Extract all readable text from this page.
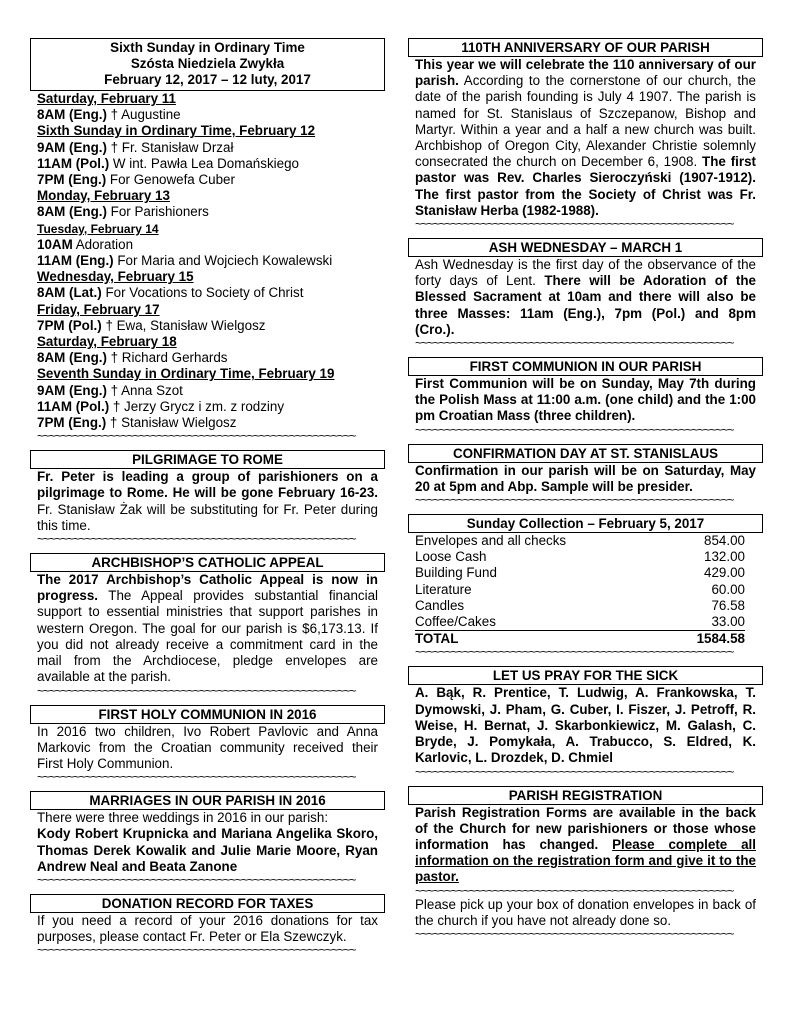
Sixth Sunday in Ordinary Time
Szósta Niedziela Zwykła
February 12, 2017 – 12 luty, 2017
Saturday, February 11
8AM (Eng.) † Augustine
Sixth Sunday in Ordinary Time, February 12
9AM (Eng.) † Fr. Stanisław Drzał
11AM (Pol.) W int. Pawła Lea Domańskiego
7PM (Eng.) For Genowefa Cuber
Monday, February 13
8AM (Eng.) For Parishioners
Tuesday, February 14
10AM Adoration
11AM (Eng.) For Maria and Wojciech Kowalewski
Wednesday, February 15
8AM (Lat.) For Vocations to Society of Christ
Friday, February 17
7PM (Pol.) † Ewa, Stanisław Wielgosz
Saturday, February 18
8AM (Eng.) † Richard Gerhards
Seventh Sunday in Ordinary Time, February 19
9AM (Eng.) † Anna Szot
11AM (Pol.) † Jerzy Grycz i zm. z rodziny
7PM (Eng.) † Stanisław Wielgosz
~~~~~~~~~~~~~~~~~~~~~~~~~~~~~~~~~~~~~~~~~~~~~~~~~~~~~
PILGRIMAGE TO ROME
Fr. Peter is leading a group of parishioners on a pilgrimage to Rome. He will be gone February 16-23. Fr. Stanisław Żak will be substituting for Fr. Peter during this time.
~~~~~~~~~~~~~~~~~~~~~~~~~~~~~~~~~~~~~~~~~~~~~~~~~~~~~
ARCHBISHOP’S CATHOLIC APPEAL
The 2017 Archbishop’s Catholic Appeal is now in progress. The Appeal provides substantial financial support to essential ministries that support parishes in western Oregon. The goal for our parish is $6,173.13. If you did not already receive a commitment card in the mail from the Archdiocese, pledge envelopes are available at the parish.
~~~~~~~~~~~~~~~~~~~~~~~~~~~~~~~~~~~~~~~~~~~~~~~~~~~~~
FIRST HOLY COMMUNION IN 2016
In 2016 two children, Ivo Robert Pavlovic and Anna Markovic from the Croatian community received their First Holy Communion.
~~~~~~~~~~~~~~~~~~~~~~~~~~~~~~~~~~~~~~~~~~~~~~~~~~~~~
MARRIAGES IN OUR PARISH IN 2016
There were three weddings in 2016 in our parish:
Kody Robert Krupnicka and Mariana Angelika Skoro, Thomas Derek Kowalik and Julie Marie Moore, Ryan Andrew Neal and Beata Zanone
~~~~~~~~~~~~~~~~~~~~~~~~~~~~~~~~~~~~~~~~~~~~~~~~~~~~~
DONATION RECORD FOR TAXES
If you need a record of your 2016 donations for tax purposes, please contact Fr. Peter or Ela Szewczyk.
~~~~~~~~~~~~~~~~~~~~~~~~~~~~~~~~~~~~~~~~~~~~~~~~~~~~~
110TH ANNIVERSARY OF OUR PARISH
This year we will celebrate the 110 anniversary of our parish. According to the cornerstone of our church, the date of the parish founding is July 4 1907. The parish is named for St. Stanislaus of Szczepanow, Bishop and Martyr. Within a year and a half a new church was built. Archbishop of Oregon City, Alexander Christie solemnly consecrated the church on December 6, 1908. The first pastor was Rev. Charles Sieroczyński (1907-1912). The first pastor from the Society of Christ was Fr. Stanisław Herba (1982-1988).
~~~~~~~~~~~~~~~~~~~~~~~~~~~~~~~~~~~~~~~~~~~~~~~~~~~~~
ASH WEDNESDAY – MARCH 1
Ash Wednesday is the first day of the observance of the forty days of Lent. There will be Adoration of the Blessed Sacrament at 10am and there will also be three Masses: 11am (Eng.), 7pm (Pol.) and 8pm (Cro.).
~~~~~~~~~~~~~~~~~~~~~~~~~~~~~~~~~~~~~~~~~~~~~~~~~~~~~
FIRST COMMUNION IN OUR PARISH
First Communion will be on Sunday, May 7th during the Polish Mass at 11:00 a.m. (one child) and the 1:00 pm Croatian Mass (three children).
~~~~~~~~~~~~~~~~~~~~~~~~~~~~~~~~~~~~~~~~~~~~~~~~~~~~~
CONFIRMATION DAY AT ST. STANISLAUS
Confirmation in our parish will be on Saturday, May 20 at 5pm and Abp. Sample will be presider.
~~~~~~~~~~~~~~~~~~~~~~~~~~~~~~~~~~~~~~~~~~~~~~~~~~~~~
Sunday Collection – February 5, 2017
Envelopes and all checks	854.00
Loose Cash	132.00
Building Fund	429.00
Literature	60.00
Candles	76.58
Coffee/Cakes	33.00
TOTAL	1584.58
~~~~~~~~~~~~~~~~~~~~~~~~~~~~~~~~~~~~~~~~~~~~~~~~~~~~~
LET US PRAY FOR THE SICK
A. Bąk, R. Prentice, T. Ludwig, A. Frankowska, T. Dymowski, J. Pham, G. Cuber, I. Fiszer, J. Petroff, R. Weise, H. Bernat, J. Skarbonkiewicz, M. Galash, C. Bryde, J. Pomykała, A. Trabucco, S. Eldred, K. Karlovic, L. Drozdek, D. Chmiel
~~~~~~~~~~~~~~~~~~~~~~~~~~~~~~~~~~~~~~~~~~~~~~~~~~~~~
PARISH REGISTRATION
Parish Registration Forms are available in the back of the Church for new parishioners or those whose information has changed. Please complete all information on the registration form and give it to the pastor.
~~~~~~~~~~~~~~~~~~~~~~~~~~~~~~~~~~~~~~~~~~~~~~~~~~~~~
Please pick up your box of donation envelopes in back of the church if you have not already done so.
~~~~~~~~~~~~~~~~~~~~~~~~~~~~~~~~~~~~~~~~~~~~~~~~~~~~~
